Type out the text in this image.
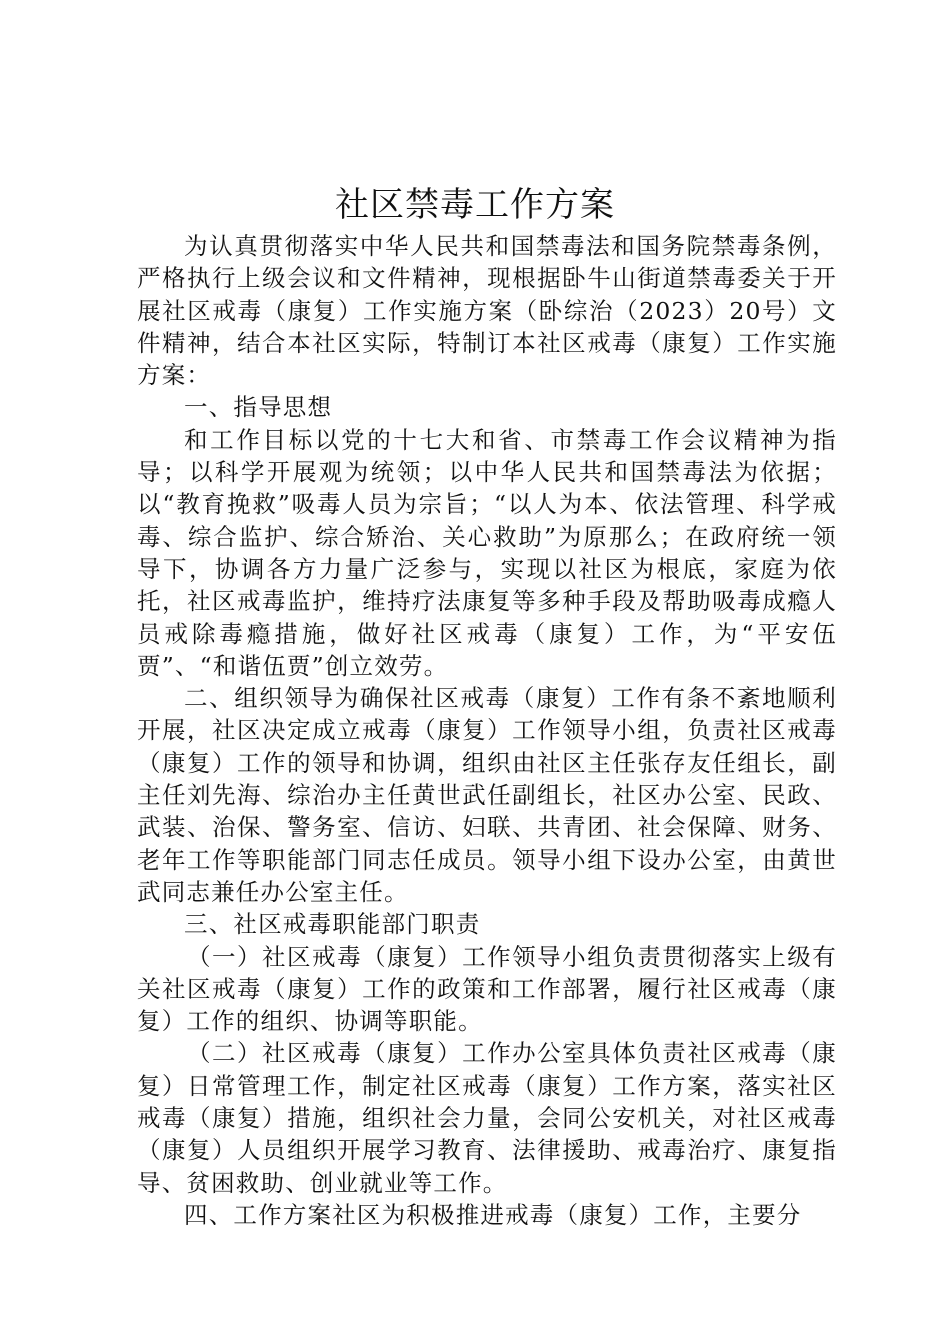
社区禁毒工作方案

为认真贯彻落实中华人民共和国禁毒法和国务院禁毒条例，严格执行上级会议和文件精神，现根据卧牛山街道禁毒委关于开展社区戒毒（康复）工作实施方案（卧综治（2023）20号）文件精神，结合本社区实际，特制订本社区戒毒（康复）工作实施方案：

一、指导思想

和工作目标以党的十七大和省、市禁毒工作会议精神为指导；以科学开展观为统领；以中华人民共和国禁毒法为依据；以“教育挽救”吸毒人员为宗旨；“以人为本、依法管理、科学戒毒、综合监护、综合矫治、关心救助”为原那么；在政府统一领导下，协调各方力量广泛参与，实现以社区为根底，家庭为依托，社区戒毒监护，维持疗法康复等多种手段及帮助吸毒成瘾人员戒除毒瘾措施，做好社区戒毒（康复）工作，为“平安伍贾”、“和谐伍贾”创立效劳。

二、组织领导为确保社区戒毒（康复）工作有条不紊地顺利开展，社区决定成立戒毒（康复）工作领导小组，负责社区戒毒（康复）工作的领导和协调，组织由社区主任张存友任组长，副主任刘先海、综治办主任黄世武任副组长，社区办公室、民政、武装、治保、警务室、信访、妇联、共青团、社会保障、财务、老年工作等职能部门同志任成员。领导小组下设办公室，由黄世武同志兼任办公室主任。

三、社区戒毒职能部门职责

（一）社区戒毒（康复）工作领导小组负责贯彻落实上级有关社区戒毒（康复）工作的政策和工作部署，履行社区戒毒（康复）工作的组织、协调等职能。

（二）社区戒毒（康复）工作办公室具体负责社区戒毒（康复）日常管理工作，制定社区戒毒（康复）工作方案，落实社区戒毒（康复）措施，组织社会力量，会同公安机关，对社区戒毒（康复）人员组织开展学习教育、法律援助、戒毒治疗、康复指导、贫困救助、创业就业等工作。

四、工作方案社区为积极推进戒毒（康复）工作，主要分
